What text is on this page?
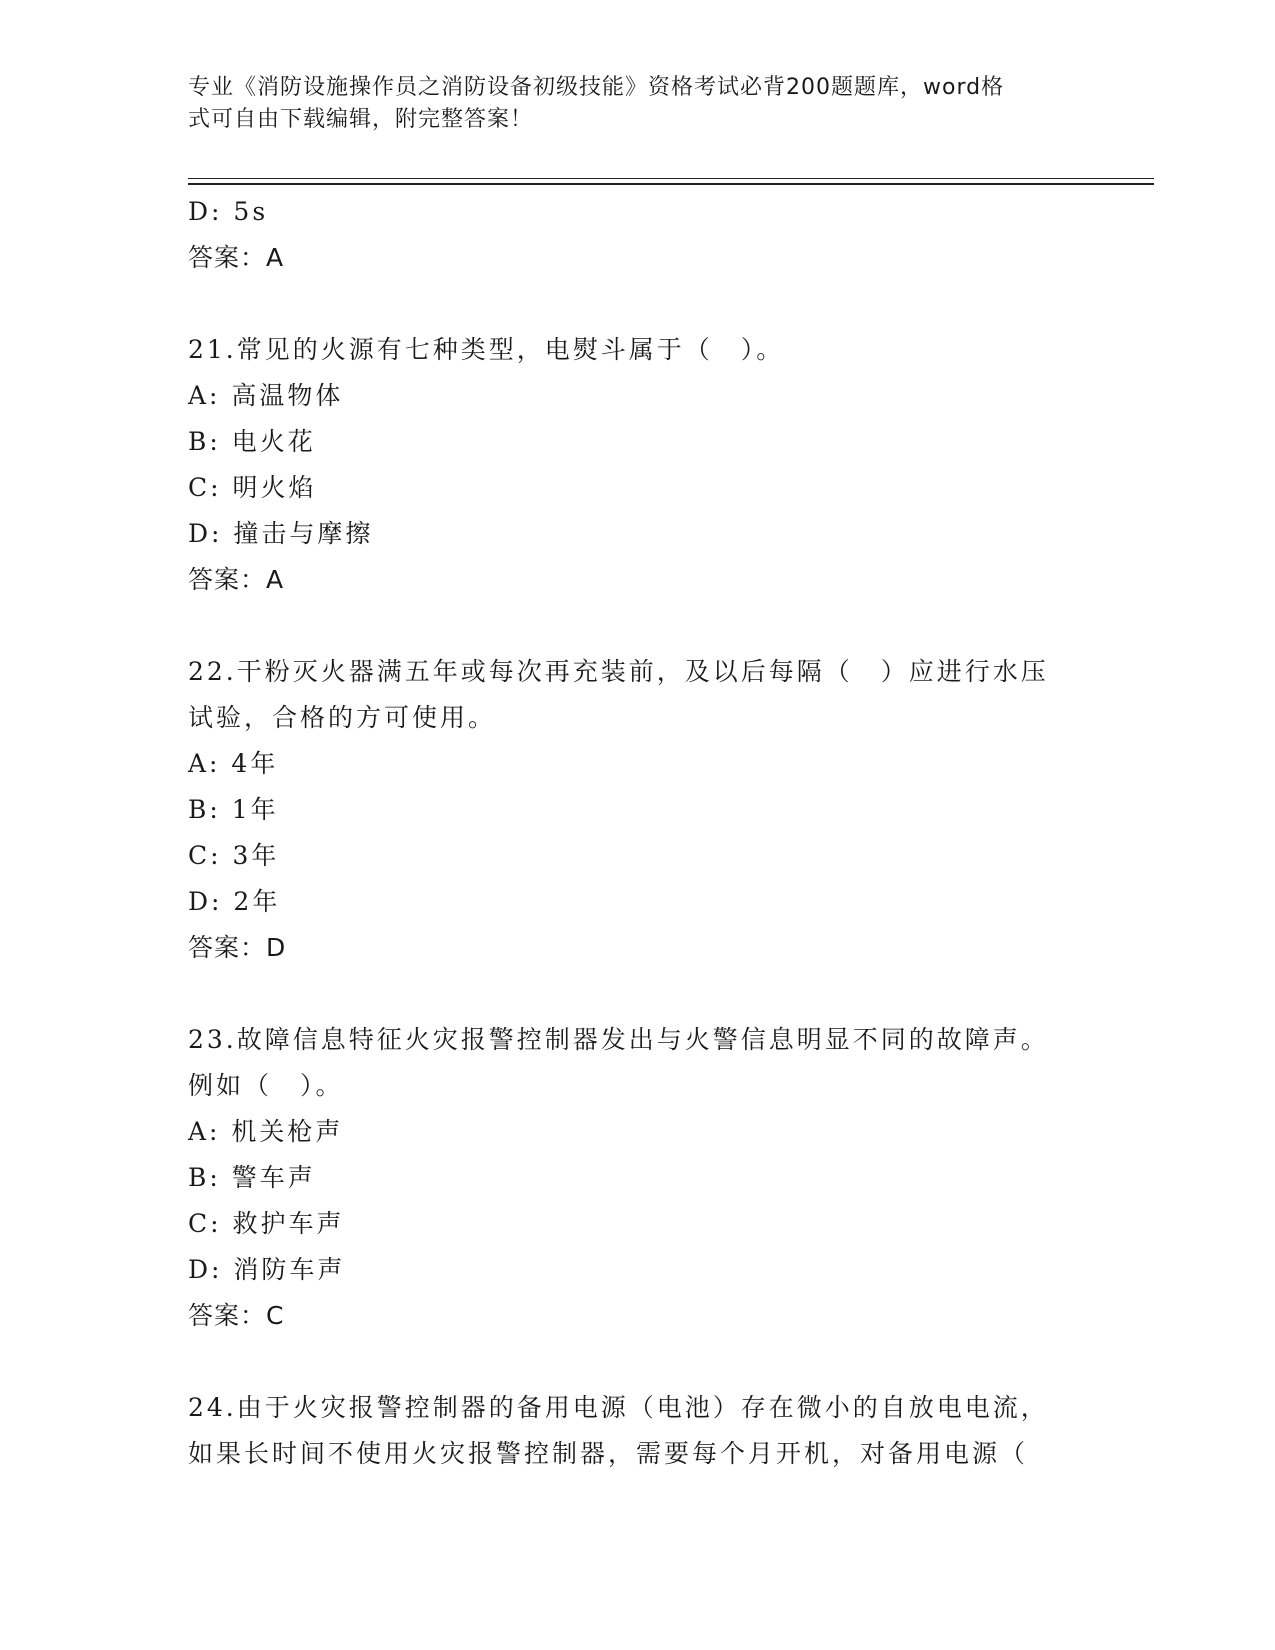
专业《消防设施操作员之消防设备初级技能》资格考试必背200题题库，word格
式可自由下载编辑，附完整答案！
D: 5s
答案：A
21.常见的火源有七种类型，电熨斗属于（　）。
A: 高温物体
B: 电火花
C: 明火焰
D: 撞击与摩擦
答案：A
22.干粉灭火器满五年或每次再充装前，及以后每隔（　）应进行水压
试验，合格的方可使用。
A: 4年
B: 1年
C: 3年
D: 2年
答案：D
23.故障信息特征火灾报警控制器发出与火警信息明显不同的故障声。
例如（　）。
A: 机关枪声
B: 警车声
C: 救护车声
D: 消防车声
答案：C
24.由于火灾报警控制器的备用电源（电池）存在微小的自放电电流，
如果长时间不使用火灾报警控制器，需要每个月开机，对备用电源（
